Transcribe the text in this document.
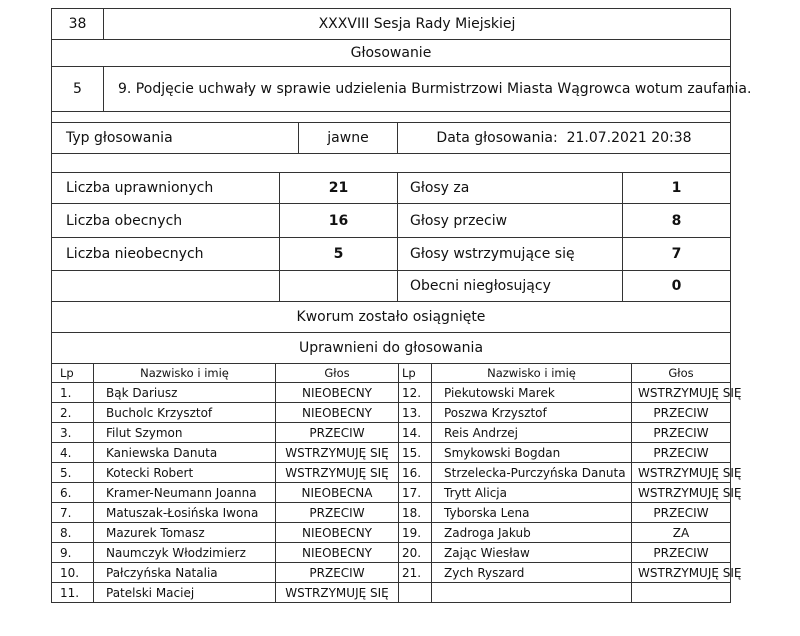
38	XXXVIII Sesja Rady Miejskiej
Głosowanie	
5	9. Podjęcie uchwały w sprawie udzielenia Burmistrzowi Miasta Wągrowca wotum zaufania.

Typ głosowania	jawne	Data głosowania: 21.07.2021 20:38

Liczba uprawnionych	21	Głosy za	1
Liczba obecnych	16	Głosy przeciw	8
Liczba nieobecnych	5	Głosy wstrzymujące się	7
		Obecni niegłosujący	0
Kworum zostało osiągnięte			
Uprawnieni do głosowania			
Lp	Nazwisko i imię	Głos	Lp	Nazwisko i imię	Głos
1.	Bąk Dariusz	NIEOBECNY	12.	Piekutowski Marek	WSTRZYMUJĘ SIĘ
2.	Bucholc Krzysztof	NIEOBECNY	13.	Poszwa Krzysztof	PRZECIW
3.	Filut Szymon	PRZECIW	14.	Reis Andrzej	PRZECIW
4.	Kaniewska Danuta	WSTRZYMUJĘ SIĘ	15.	Smykowski Bogdan	PRZECIW
5.	Kotecki Robert	WSTRZYMUJĘ SIĘ	16.	Strzelecka-Purczyńska Danuta	WSTRZYMUJĘ SIĘ
6.	Kramer-Neumann Joanna	NIEOBECNA	17.	Trytt Alicja	WSTRZYMUJĘ SIĘ
7.	Matuszak-Łosińska Iwona	PRZECIW	18.	Tyborska Lena	PRZECIW
8.	Mazurek Tomasz	NIEOBECNY	19.	Zadroga Jakub	ZA
9.	Naumczyk Włodzimierz	NIEOBECNY	20.	Zając Wiesław	PRZECIW
10.	Pałczyńska Natalia	PRZECIW	21.	Zych Ryszard	WSTRZYMUJĘ SIĘ
11.	Patelski Maciej	WSTRZYMUJĘ SIĘ			
